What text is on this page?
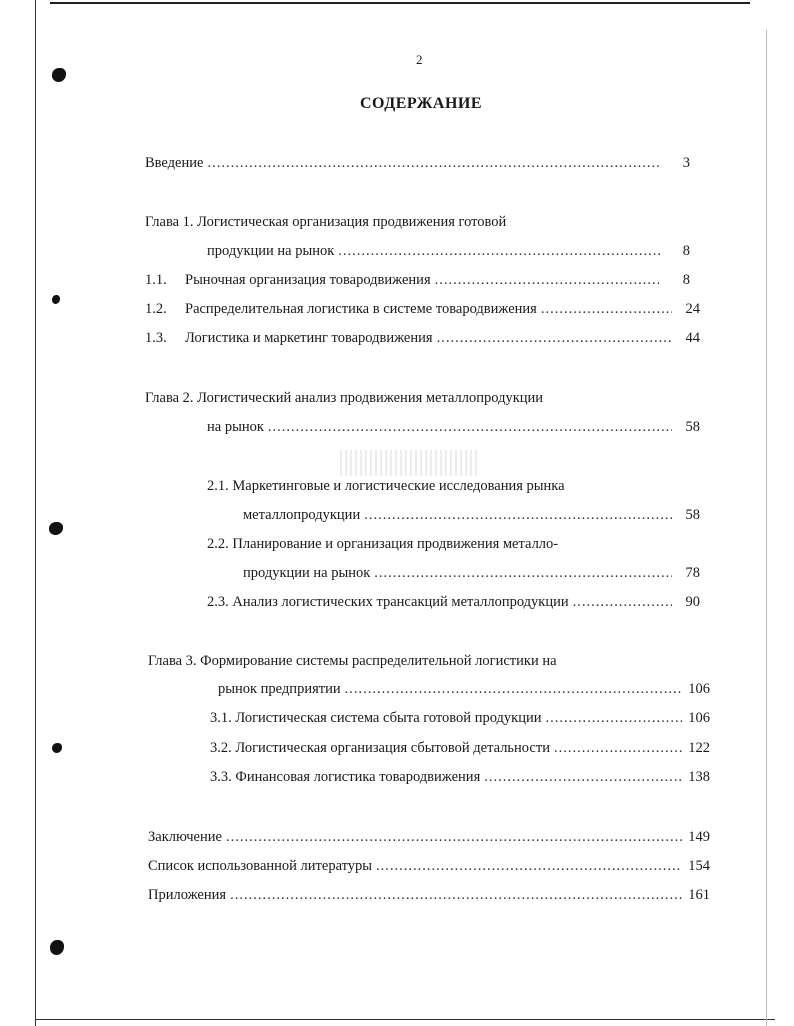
2
СОДЕРЖАНИЕ
Введение .....	3
Глава 1. Логистическая организация продвижения готовой
продукции на рынок .....	8
1.1.	Рыночная организация товародвижения .....	8
1.2.	Распределительная логистика в системе товародвижения .....	24
1.3.	Логистика и маркетинг товародвижения .....	44
Глава 2. Логистический анализ продвижения металлопродукции
на рынок .....	58
2.1. Маркетинговые и логистические исследования рынка
металлопродукции .....	58
2.2. Планирование и организация продвижения металло-
продукции на рынок .....	78
2.3. Анализ логистических трансакций металлопродукции .....	90
Глава 3. Формирование системы распределительной логистики на
рынок предприятии .....	106
3.1. Логистическая система сбыта готовой продукции .....	106
3.2. Логистическая организация сбытовой детальности .....	122
3.3. Финансовая логистика товародвижения .....	138
Заключение .....	149
Список использованной литературы .....	154
Приложения .....	161
